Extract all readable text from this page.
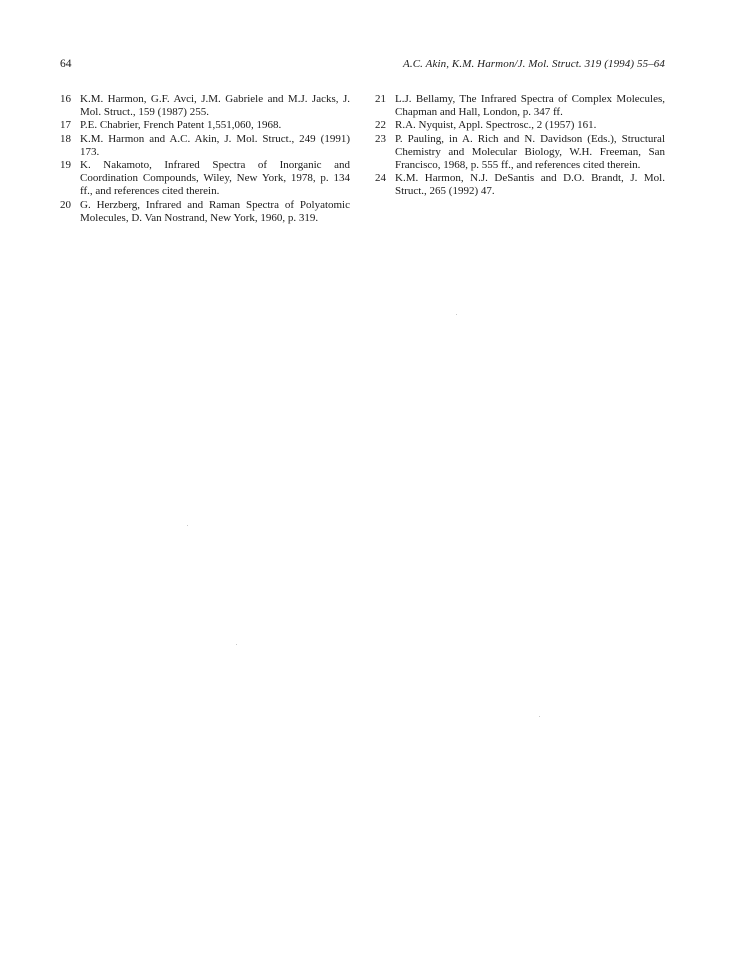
64	A.C. Akin, K.M. Harmon/J. Mol. Struct. 319 (1994) 55–64
16 K.M. Harmon, G.F. Avci, J.M. Gabriele and M.J. Jacks, J. Mol. Struct., 159 (1987) 255.
17 P.E. Chabrier, French Patent 1,551,060, 1968.
18 K.M. Harmon and A.C. Akin, J. Mol. Struct., 249 (1991) 173.
19 K. Nakamoto, Infrared Spectra of Inorganic and Coordination Compounds, Wiley, New York, 1978, p. 134 ff., and references cited therein.
20 G. Herzberg, Infrared and Raman Spectra of Polyatomic Molecules, D. Van Nostrand, New York, 1960, p. 319.
21 L.J. Bellamy, The Infrared Spectra of Complex Molecules, Chapman and Hall, London, p. 347 ff.
22 R.A. Nyquist, Appl. Spectrosc., 2 (1957) 161.
23 P. Pauling, in A. Rich and N. Davidson (Eds.), Structural Chemistry and Molecular Biology, W.H. Freeman, San Francisco, 1968, p. 555 ff., and references cited therein.
24 K.M. Harmon, N.J. DeSantis and D.O. Brandt, J. Mol. Struct., 265 (1992) 47.
